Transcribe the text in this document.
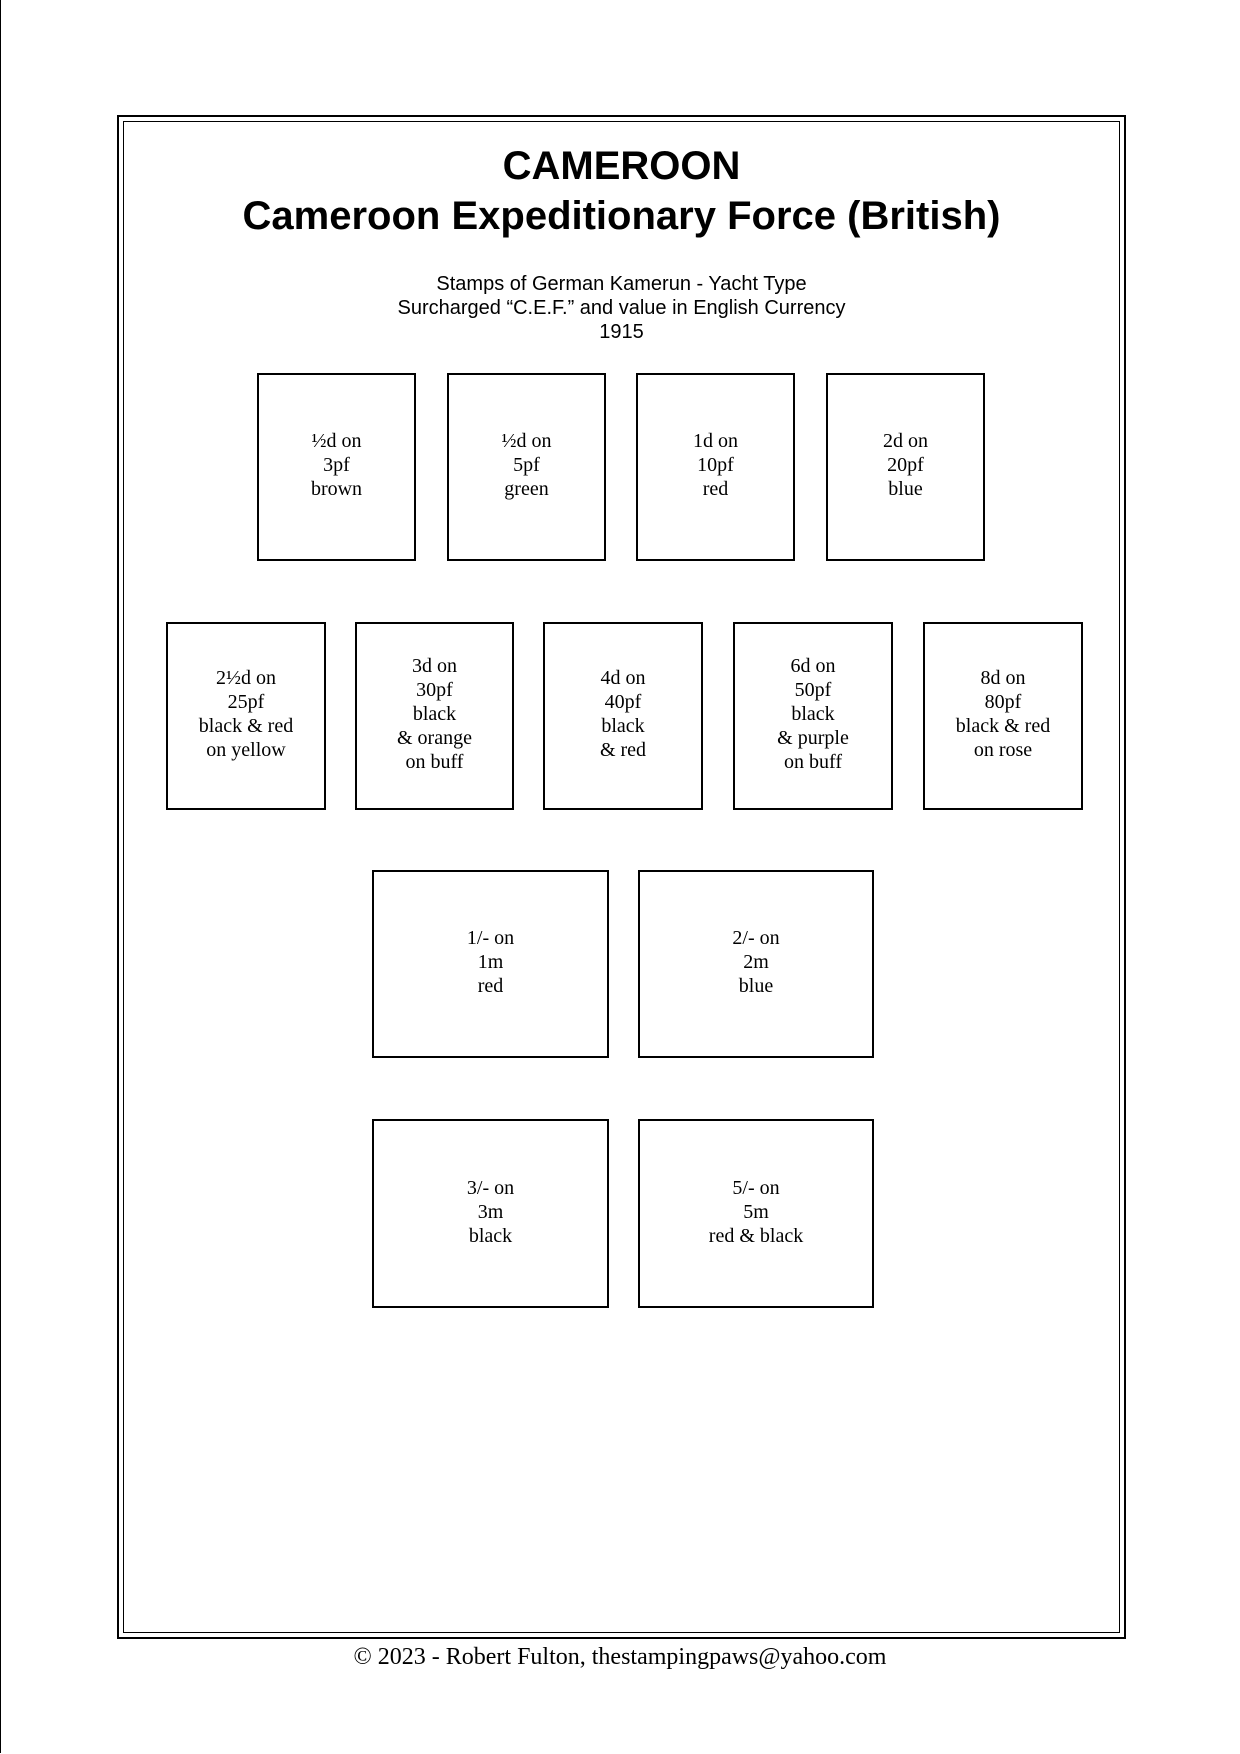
CAMEROON
Cameroon Expeditionary Force (British)
Stamps of German Kamerun - Yacht Type
Surcharged “C.E.F.” and value in English Currency
1915
½d on
3pf
brown
½d on
5pf
green
1d on
10pf
red
2d on
20pf
blue
2½d on
25pf
black & red
on yellow
3d on
30pf
black
& orange
on buff
4d on
40pf
black
& red
6d on
50pf
black
& purple
on buff
8d on
80pf
black & red
on rose
1/- on
1m
red
2/- on
2m
blue
3/- on
3m
black
5/- on
5m
red & black
© 2023 - Robert Fulton, thestampingpaws@yahoo.com
